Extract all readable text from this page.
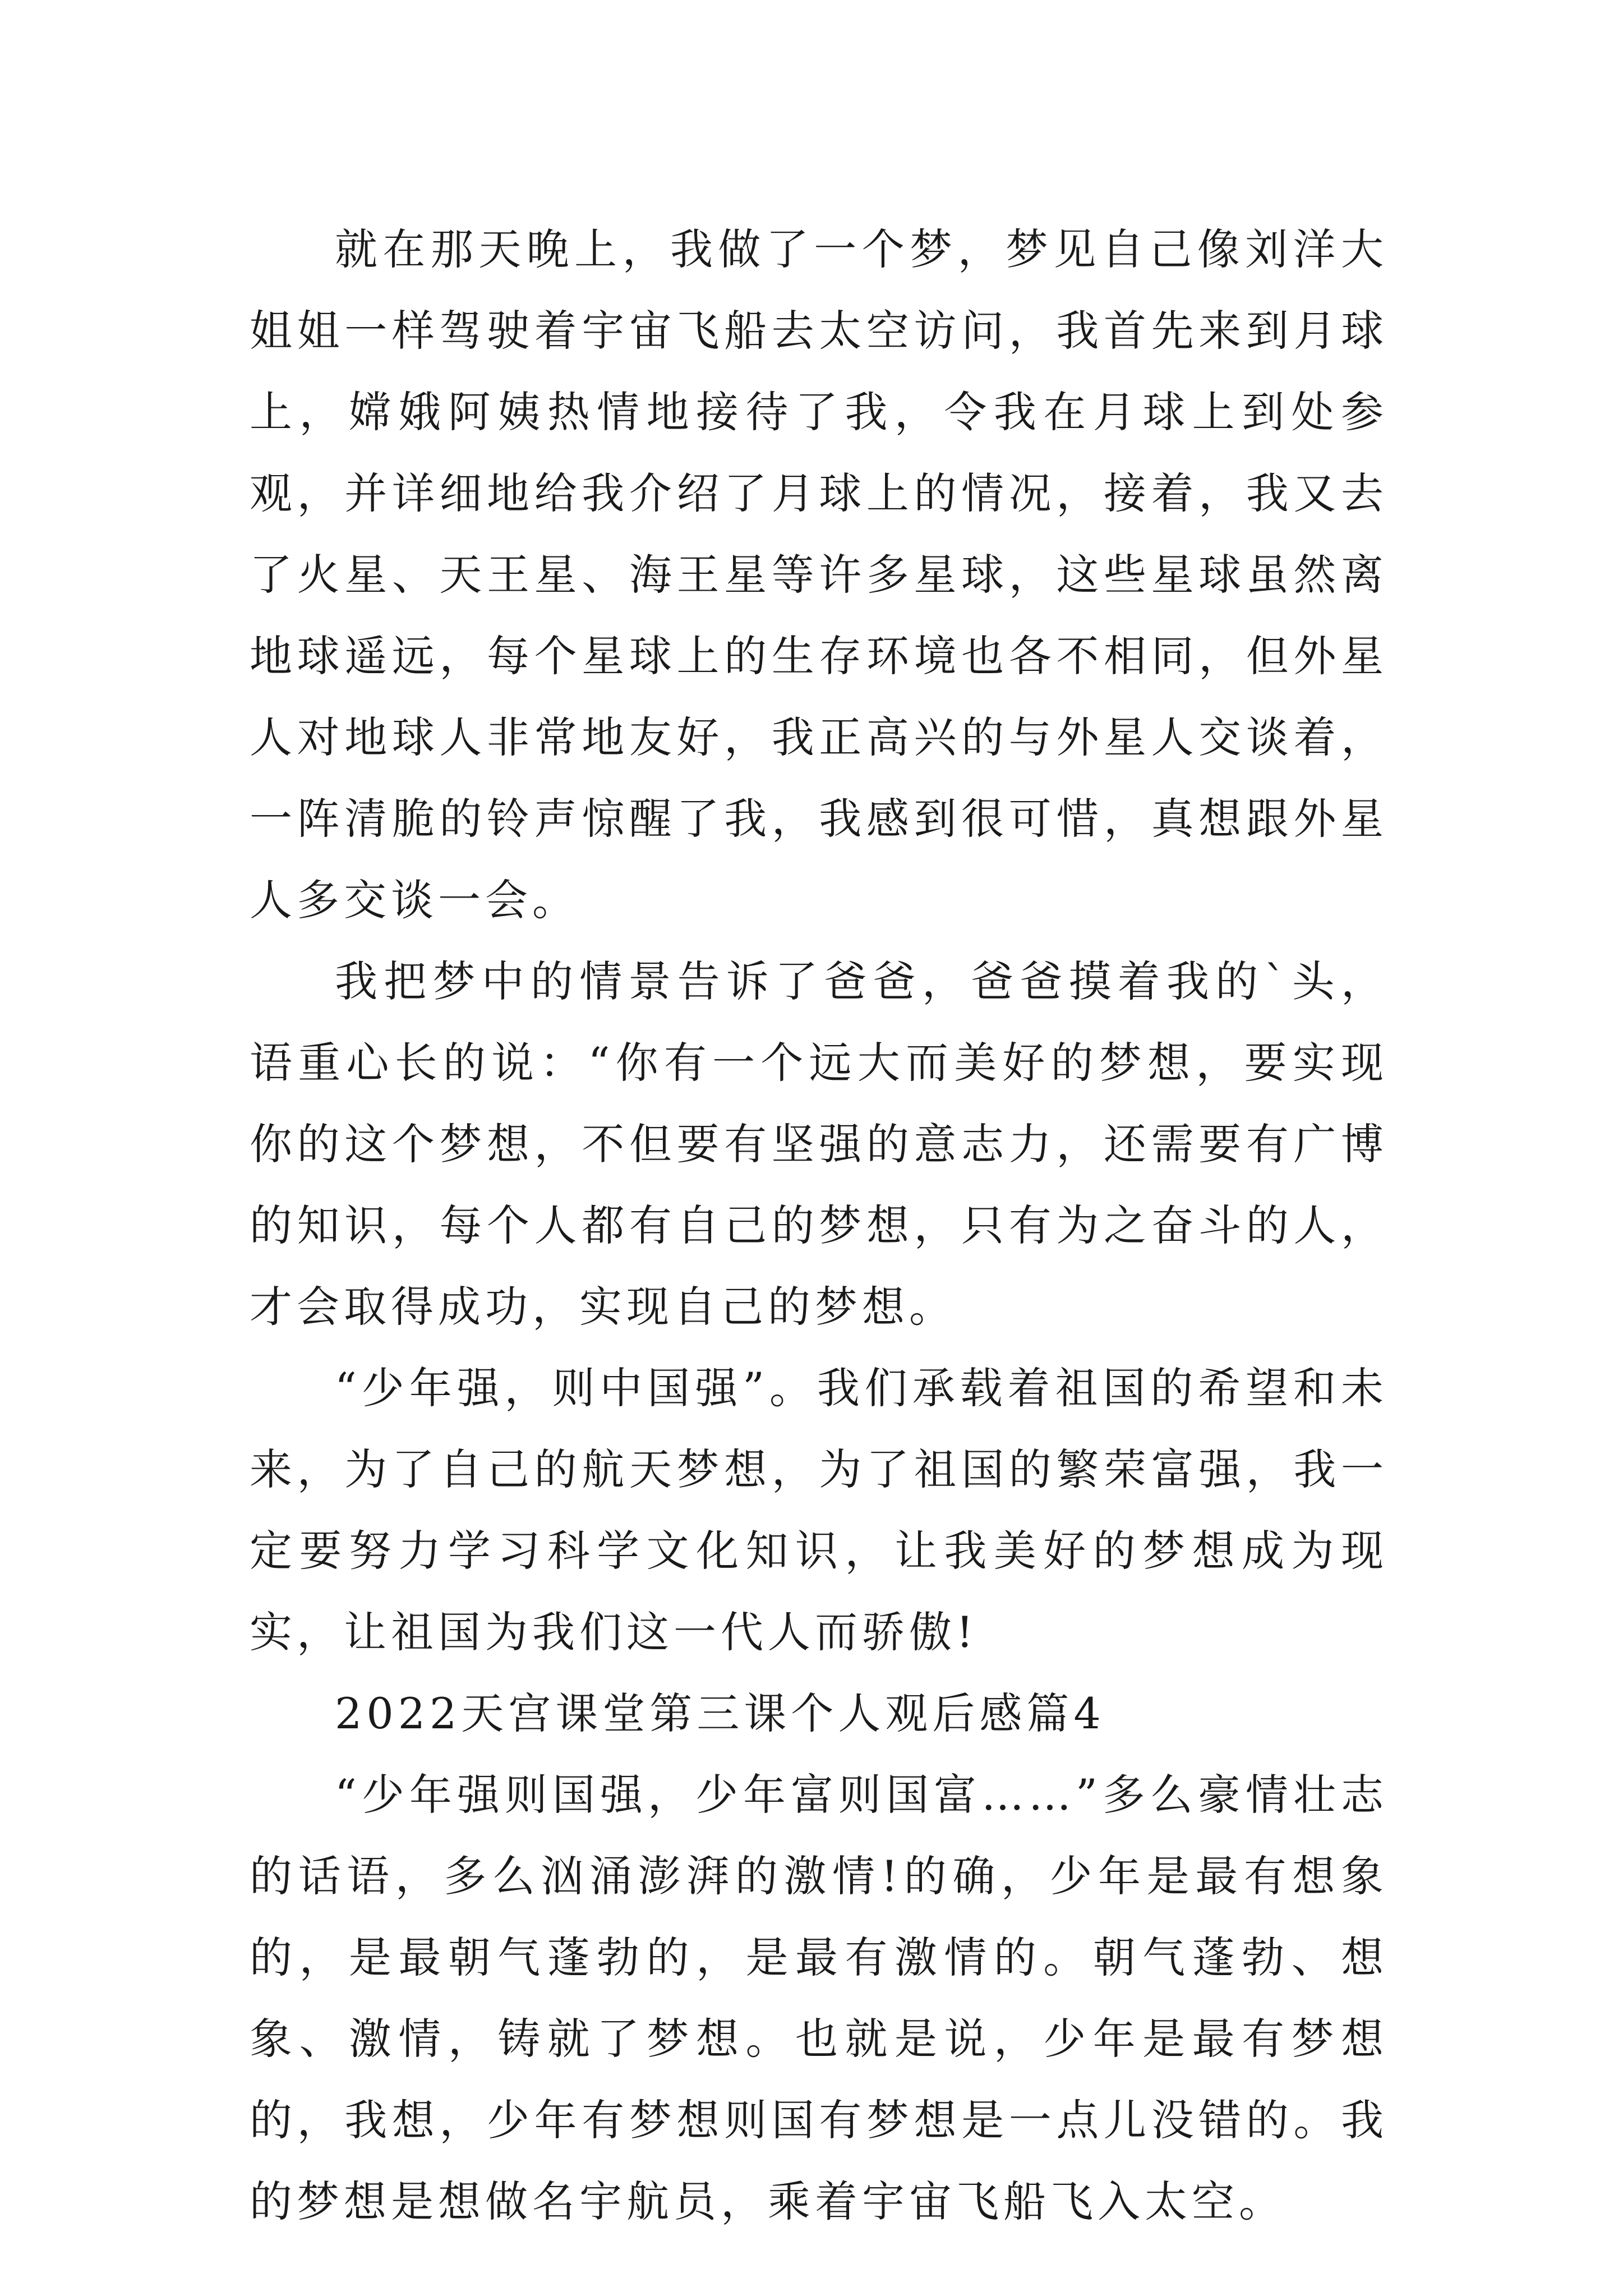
就在那天晚上，我做了一个梦，梦见自己像刘洋大姐姐一样驾驶着宇宙飞船去太空访问，我首先来到月球上，嫦娥阿姨热情地接待了我，令我在月球上到处参观，并详细地给我介绍了月球上的情况，接着，我又去了火星、天王星、海王星等许多星球，这些星球虽然离地球遥远，每个星球上的生存环境也各不相同，但外星人对地球人非常地友好，我正高兴的与外星人交谈着，一阵清脆的铃声惊醒了我，我感到很可惜，真想跟外星人多交谈一会。

我把梦中的情景告诉了爸爸，爸爸摸着我的`头，语重心长的说：“你有一个远大而美好的梦想，要实现你的这个梦想，不但要有坚强的意志力，还需要有广博的知识，每个人都有自己的梦想，只有为之奋斗的人，才会取得成功，实现自己的梦想。

“少年强，则中国强”。我们承载着祖国的希望和未来，为了自己的航天梦想，为了祖国的繁荣富强，我一定要努力学习科学文化知识，让我美好的梦想成为现实，让祖国为我们这一代人而骄傲!

2022天宫课堂第三课个人观后感篇4

“少年强则国强，少年富则国富……”多么豪情壮志的话语，多么汹涌澎湃的激情!的确，少年是最有想象的，是最朝气蓬勃的，是最有激情的。朝气蓬勃、想象、激情，铸就了梦想。也就是说，少年是最有梦想的，我想，少年有梦想则国有梦想是一点儿没错的。我的梦想是想做名宇航员，乘着宇宙飞船飞入太空。
